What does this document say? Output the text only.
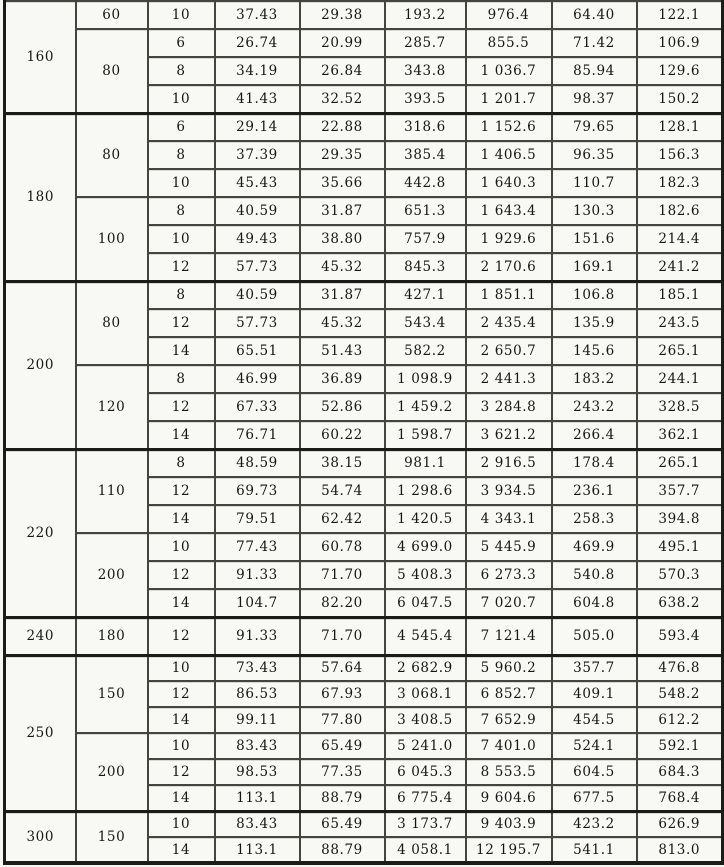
160	60	10	37.43	29.38	193.2	976.4	64.40	122.1
	80	6	26.74	20.99	285.7	855.5	71.42	106.9
		8	34.19	26.84	343.8	1 036.7	85.94	129.6
		10	41.43	32.52	393.5	1 201.7	98.37	150.2
180	80	6	29.14	22.88	318.6	1 152.6	79.65	128.1
		8	37.39	29.35	385.4	1 406.5	96.35	156.3
		10	45.43	35.66	442.8	1 640.3	110.7	182.3
	100	8	40.59	31.87	651.3	1 643.4	130.3	182.6
		10	49.43	38.80	757.9	1 929.6	151.6	214.4
		12	57.73	45.32	845.3	2 170.6	169.1	241.2
200	80	8	40.59	31.87	427.1	1 851.1	106.8	185.1
		12	57.73	45.32	543.4	2 435.4	135.9	243.5
		14	65.51	51.43	582.2	2 650.7	145.6	265.1
	120	8	46.99	36.89	1 098.9	2 441.3	183.2	244.1
		12	67.33	52.86	1 459.2	3 284.8	243.2	328.5
		14	76.71	60.22	1 598.7	3 621.2	266.4	362.1
220	110	8	48.59	38.15	981.1	2 916.5	178.4	265.1
		12	69.73	54.74	1 298.6	3 934.5	236.1	357.7
		14	79.51	62.42	1 420.5	4 343.1	258.3	394.8
	200	10	77.43	60.78	4 699.0	5 445.9	469.9	495.1
		12	91.33	71.70	5 408.3	6 273.3	540.8	570.3
		14	104.7	82.20	6 047.5	7 020.7	604.8	638.2
240	180	12	91.33	71.70	4 545.4	7 121.4	505.0	593.4
250	150	10	73.43	57.64	2 682.9	5 960.2	357.7	476.8
		12	86.53	67.93	3 068.1	6 852.7	409.1	548.2
		14	99.11	77.80	3 408.5	7 652.9	454.5	612.2
	200	10	83.43	65.49	5 241.0	7 401.0	524.1	592.1
		12	98.53	77.35	6 045.3	8 553.5	604.5	684.3
		14	113.1	88.79	6 775.4	9 604.6	677.5	768.4
300	150	10	83.43	65.49	3 173.7	9 403.9	423.2	626.9
		14	113.1	88.79	4 058.1	12 195.7	541.1	813.0
